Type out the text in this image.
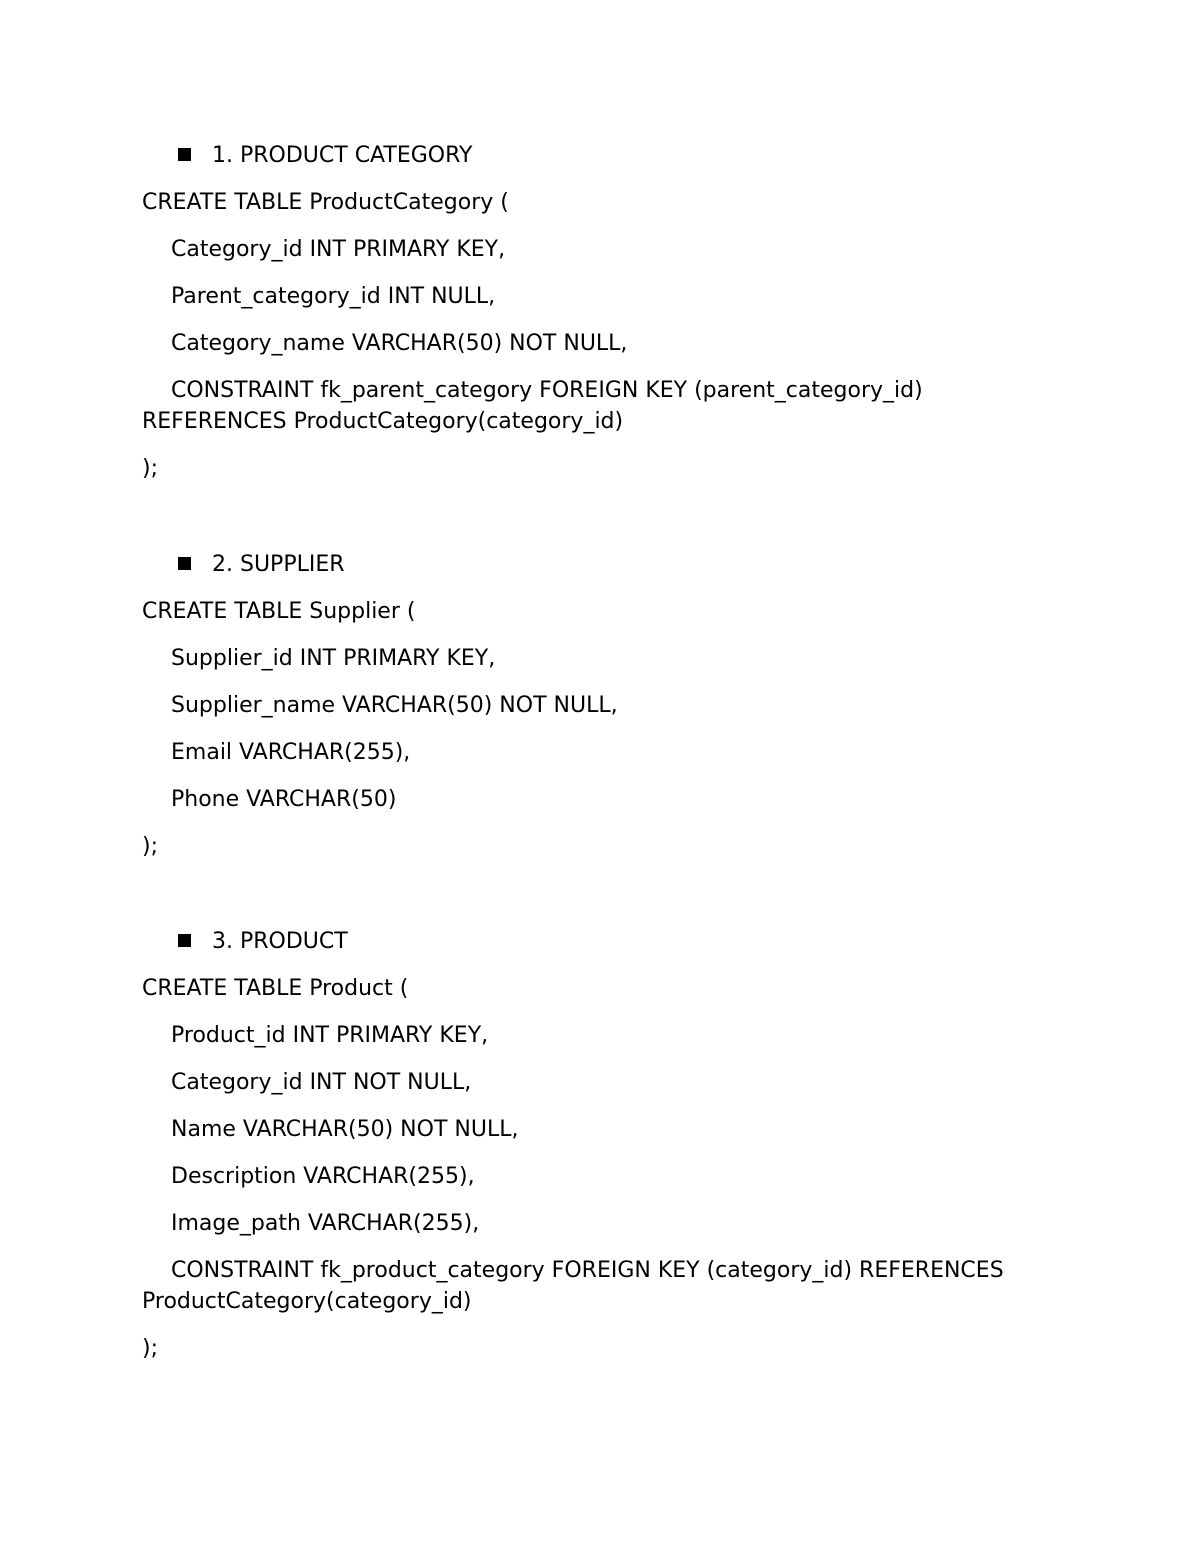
1. PRODUCT CATEGORY
CREATE TABLE ProductCategory (
Category_id INT PRIMARY KEY,
Parent_category_id INT NULL,
Category_name VARCHAR(50) NOT NULL,
CONSTRAINT fk_parent_category FOREIGN KEY (parent_category_id) REFERENCES ProductCategory(category_id)
);
2. SUPPLIER
CREATE TABLE Supplier (
Supplier_id INT PRIMARY KEY,
Supplier_name VARCHAR(50) NOT NULL,
Email VARCHAR(255),
Phone VARCHAR(50)
);
3. PRODUCT
CREATE TABLE Product (
Product_id INT PRIMARY KEY,
Category_id INT NOT NULL,
Name VARCHAR(50) NOT NULL,
Description VARCHAR(255),
Image_path VARCHAR(255),
CONSTRAINT fk_product_category FOREIGN KEY (category_id) REFERENCES ProductCategory(category_id)
);
